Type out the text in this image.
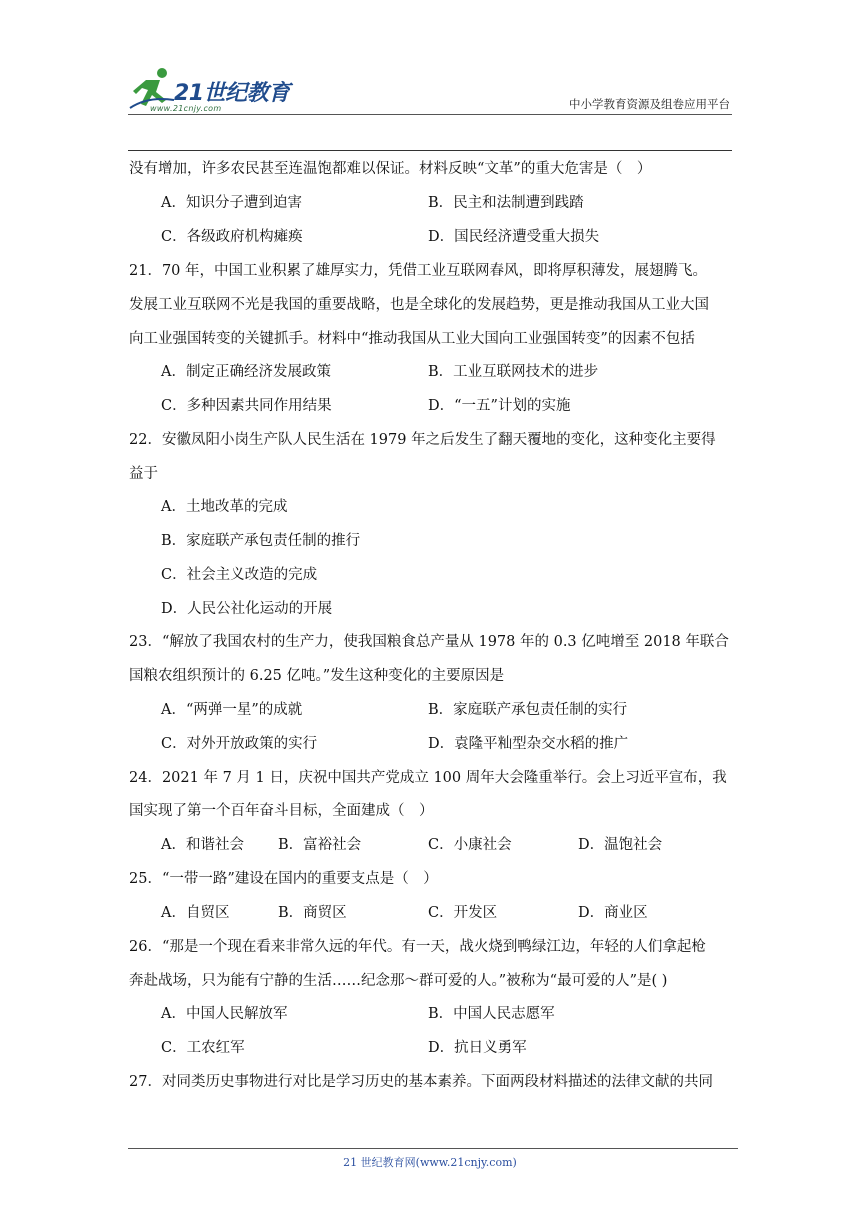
21世纪教育
www.21cnjy.com	中小学教育资源及组卷应用平台
没有增加，许多农民甚至连温饱都难以保证。材料反映“文革”的重大危害是（　）
A．知识分子遭到迫害	B．民主和法制遭到践踏
C．各级政府机构瘫痪	D．国民经济遭受重大损失
21．70 年，中国工业积累了雄厚实力，凭借工业互联网春风，即将厚积薄发，展翅腾飞。
发展工业互联网不光是我国的重要战略，也是全球化的发展趋势，更是推动我国从工业大国
向工业强国转变的关键抓手。材料中“推动我国从工业大国向工业强国转变”的因素不包括
A．制定正确经济发展政策	B．工业互联网技术的进步
C．多种因素共同作用结果	D．“一五”计划的实施
22．安徽凤阳小岗生产队人民生活在 1979 年之后发生了翻天覆地的变化，这种变化主要得
益于
A．土地改革的完成
B．家庭联产承包责任制的推行
C．社会主义改造的完成
D．人民公社化运动的开展
23．“解放了我国农村的生产力，使我国粮食总产量从 1978 年的 0.3 亿吨增至 2018 年联合
国粮农组织预计的 6.25 亿吨。”发生这种变化的主要原因是
A．“两弹一星”的成就	B．家庭联产承包责任制的实行
C．对外开放政策的实行	D．袁隆平籼型杂交水稻的推广
24．2021 年 7 月 1 日，庆祝中国共产党成立 100 周年大会隆重举行。会上习近平宣布，我
国实现了第一个百年奋斗目标，全面建成（　）
A．和谐社会 B．富裕社会	C．小康社会	D．温饱社会
25．“一带一路”建设在国内的重要支点是（　）
A．自贸区	B．商贸区	C．开发区	D．商业区
26．“那是一个现在看来非常久远的年代。有一天，战火烧到鸭绿江边，年轻的人们拿起枪
奔赴战场，只为能有宁静的生活……纪念那～群可爱的人。”被称为“最可爱的人”是( )
A．中国人民解放军	B．中国人民志愿军
C．工农红军	D．抗日义勇军
27．对同类历史事物进行对比是学习历史的基本素养。下面两段材料描述的法律文献的共同
21 世纪教育网(www.21cnjy.com)
